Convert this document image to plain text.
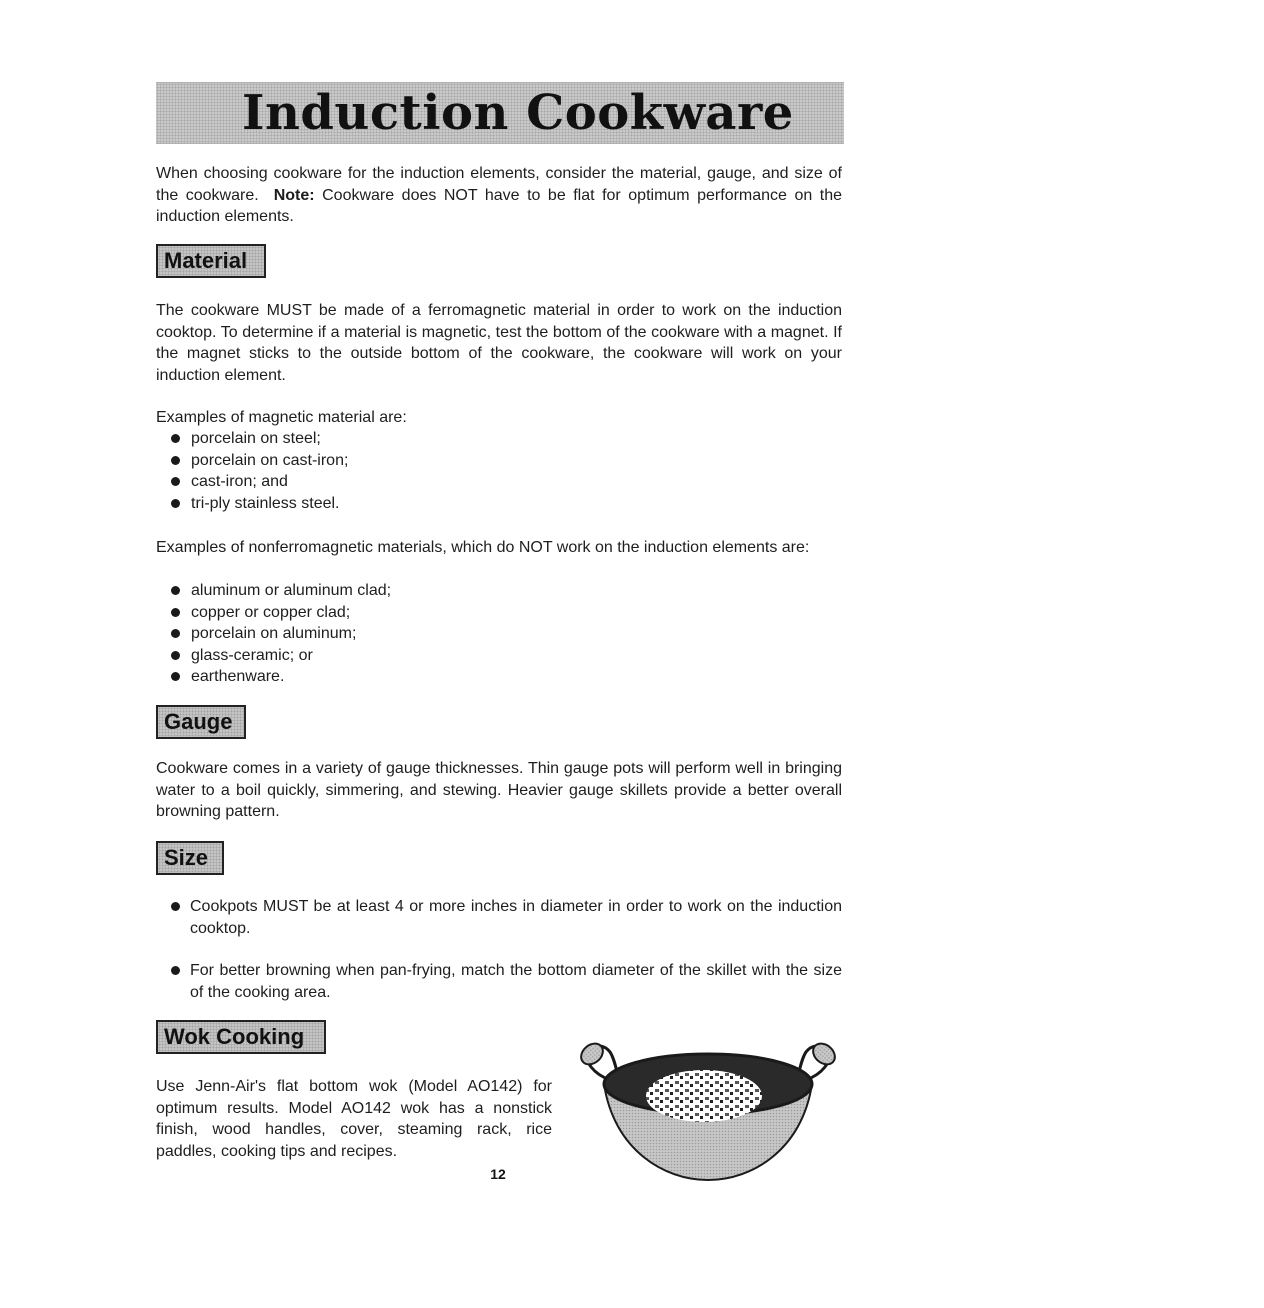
Induction Cookware

When choosing cookware for the induction elements, consider the material, gauge, and size of the cookware. Note: Cookware does NOT have to be flat for optimum performance on the induction elements.

Material

The cookware MUST be made of a ferromagnetic material in order to work on the induction cooktop. To determine if a material is magnetic, test the bottom of the cookware with a magnet. If the magnet sticks to the outside bottom of the cookware, the cookware will work on your induction element.

Examples of magnetic material are:

porcelain on steel;
porcelain on cast-iron;
cast-iron; and
tri-ply stainless steel.

Examples of nonferromagnetic materials, which do NOT work on the induction elements are:

aluminum or aluminum clad;
copper or copper clad;
porcelain on aluminum;
glass-ceramic; or
earthenware.
Gauge

Cookware comes in a variety of gauge thicknesses. Thin gauge pots will perform well in bringing water to a boil quickly, simmering, and stewing. Heavier gauge skillets provide a better overall browning pattern.

Size
Cookpots MUST be at least 4 or more inches in diameter in order to work on the induction cooktop.
For better browning when pan-frying, match the bottom diameter of the skillet with the size of the cooking area.
Wok Cooking

Use Jenn-Air's flat bottom wok (Model AO142) for optimum results. Model AO142 wok has a nonstick finish, wood handles, cover, steaming rack, rice paddles, cooking tips and recipes.

12
